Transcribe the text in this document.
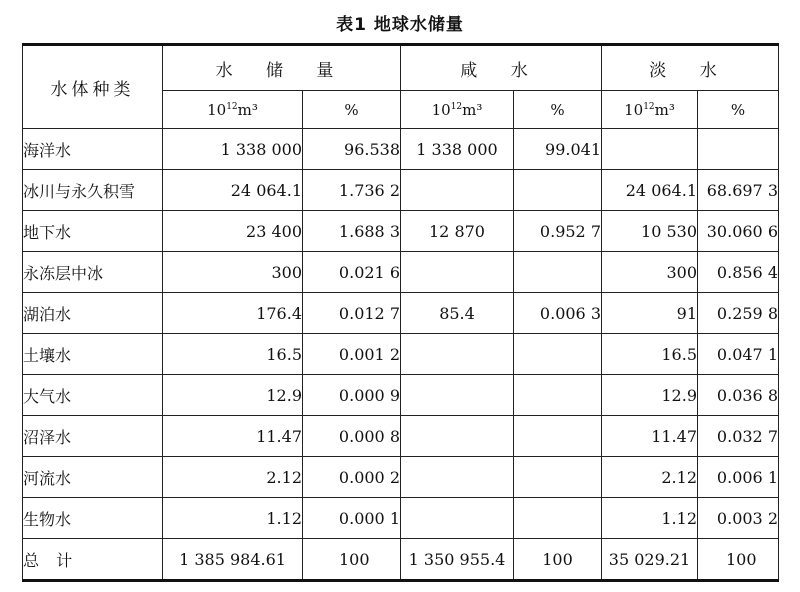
表1 地球水储量
水体种类	水 储 量		咸 水		淡 水	
	$10^{12}m^3$	%	$10^{12}m^3$	%	$10^{12}m^3$	%
海洋水	1 338 000	96.538	1 338 000	99.041		
冰川与永久积雪	24 064.1	1.736 2			24 064.1	68.697 3
地下水	23 400	1.688 3	12 870	0.952 7	10 530	30.060 6
永冻层中冰	300	0.021 6			300	0.856 4
湖泊水	176.4	0.012 7	85.4	0.006 3	91	0.259 8
土壤水	16.5	0.001 2			16.5	0.047 1
大气水	12.9	0.000 9			12.9	0.036 8
沼泽水	11.47	0.000 8			11.47	0.032 7
河流水	2.12	0.000 2			2.12	0.006 1
生物水	1.12	0.000 1			1.12	0.003 2
总 计	1 385 984.61	100	1 350 955.4	100	35 029.21	100
